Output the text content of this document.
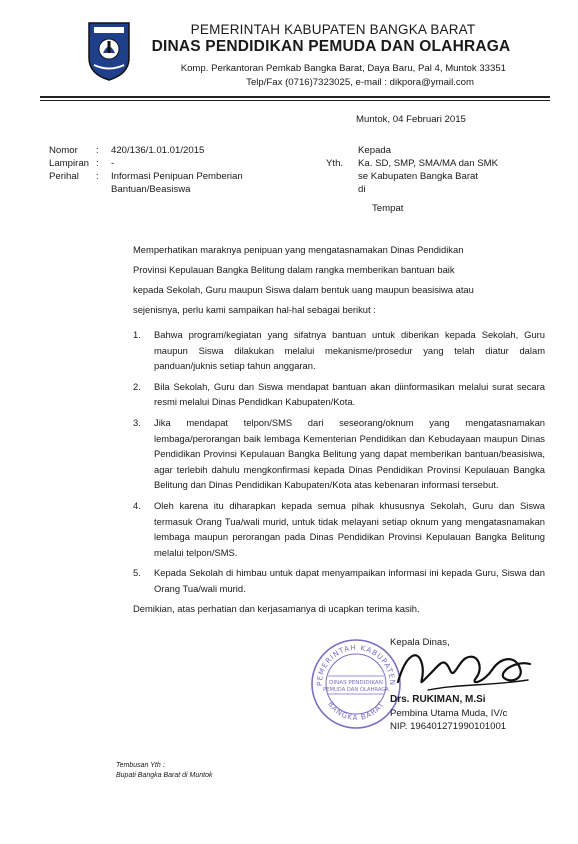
PEMERINTAH KABUPATEN BANGKA BARAT
DINAS PENDIDIKAN PEMUDA DAN OLAHRAGA
Komp. Perkantoran Pemkab Bangka Barat, Daya Baru, Pal 4, Muntok 33351
Telp/Fax (0716)7323025, e-mail : dikpora@ymail.com
Muntok, 04 Februari 2015
Nomor : 420/136/1.01.01/2015
Lampiran : -
Perihal : Informasi Penipuan Pemberian
Bantuan/Beasiswa
Kepada
Yth. Ka. SD, SMP, SMA/MA dan SMK
se Kabupaten Bangka Barat
di
Tempat
Memperhatikan maraknya penipuan yang mengatasnamakan Dinas Pendidikan
Provinsi Kepulauan Bangka Belitung dalam rangka memberikan bantuan baik
kepada Sekolah, Guru maupun Siswa dalam bentuk uang maupun beasisiwa atau
sejenisnya, perlu kami sampaikan hal-hal sebagai berikut :
1. Bahwa program/kegiatan yang sifatnya bantuan untuk diberikan kepada Sekolah, Guru maupun Siswa dilakukan melalui mekanisme/prosedur yang telah diatur dalam panduan/juknis setiap tahun anggaran.
2. Bila Sekolah, Guru dan Siswa mendapat bantuan akan diinformasikan melalui surat secara resmi melalui Dinas Pendidkan Kabupaten/Kota.
3. Jika mendapat telpon/SMS dari seseorang/oknum yang mengatasnamakan lembaga/perorangan baik lembaga Kementerian Pendidikan dan Kebudayaan maupun Dinas Pendidikan Provinsi Kepulauan Bangka Belitung yang dapat memberikan bantuan/beasisiwa, agar terlebih dahulu mengkonfirmasi kepada Dinas Pendidikan Provinsi Kepulauan Bangka Belitung dan Dinas Pendidikan Kabupaten/Kota atas kebenaran informasi tersebut.
4. Oleh karena itu diharapkan kepada semua pihak khususnya Sekolah, Guru dan Siswa termasuk Orang Tua/wali murid, untuk tidak melayani setiap oknum yang mengatasnamakan lembaga maupun perorangan pada Dinas Pendidikan Provinsi Kepulauan Bangka Belitung melalui telpon/SMS.
5. Kepada Sekolah di himbau untuk dapat menyampaikan informasi ini kepada Guru, Siswa dan Orang Tua/wali murid.
Demikian, atas perhatian dan kerjasamanya di ucapkan terima kasih.
PEMERINTAH KABUPATEN
BANGKA BARAT
DINAS PENDIDIKAN
PEMUDA DAN OLAHRAGA
Kepala Dinas,
Drs. RUKIMAN, M.Si
Pembina Utama Muda, IV/c
NIP. 196401271990101001
Tembusan Yth :
Bupati Bangka Barat di Muntok
